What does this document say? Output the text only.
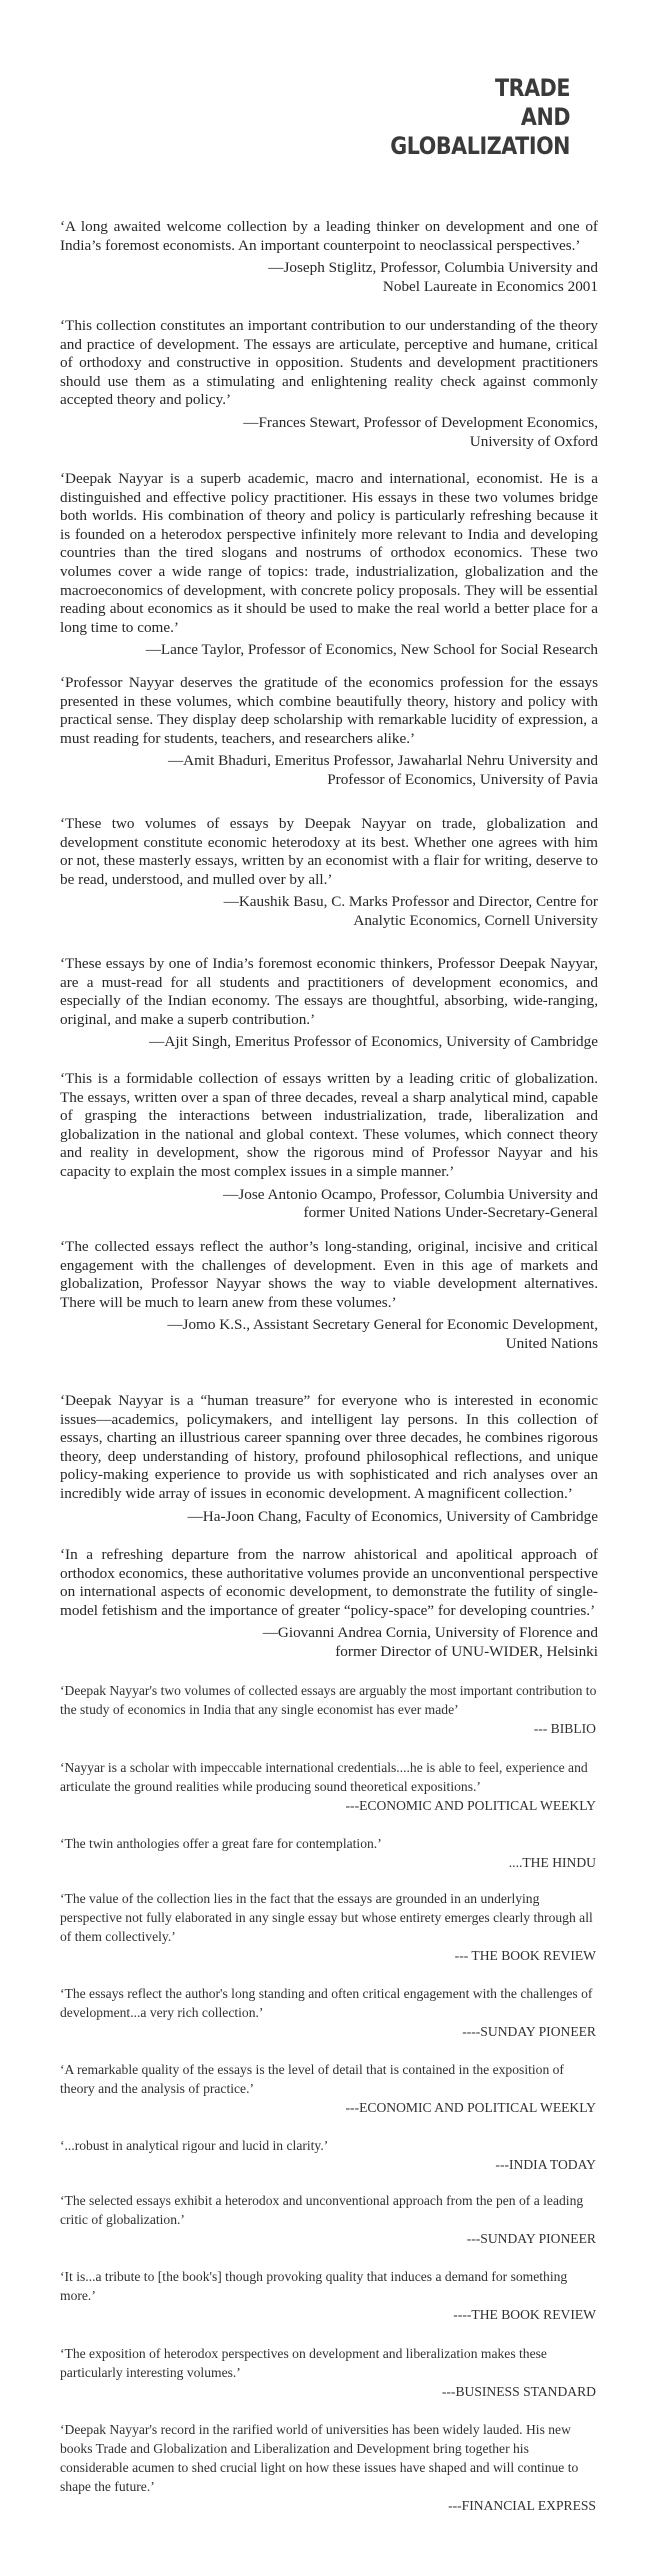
TRADE
AND
GLOBALIZATION

‘A long awaited welcome collection by a leading thinker on development and one of India’s foremost economists. An important counterpoint to neoclassical perspectives.’

—Joseph Stiglitz, Professor, Columbia University and
Nobel Laureate in Economics 2001

‘This collection constitutes an important contribution to our understanding of the theory and practice of development. The essays are articulate, perceptive and humane, critical of orthodoxy and constructive in opposition. Students and development practitioners should use them as a stimulating and enlightening reality check against commonly accepted theory and policy.’

—Frances Stewart, Professor of Development Economics,
University of Oxford

‘Deepak Nayyar is a superb academic, macro and international, economist. He is a distinguished and effective policy practitioner. His essays in these two volumes bridge both worlds. His combination of theory and policy is particularly refreshing because it is founded on a heterodox perspective infinitely more relevant to India and developing countries than the tired slogans and nostrums of orthodox economics. These two volumes cover a wide range of topics: trade, industrialization, globalization and the macroeconomics of development, with concrete policy proposals. They will be essential reading about economics as it should be used to make the real world a better place for a long time to come.’

—Lance Taylor, Professor of Economics, New School for Social Research

‘Professor Nayyar deserves the gratitude of the economics profession for the essays presented in these volumes, which combine beautifully theory, history and policy with practical sense. They display deep scholarship with remarkable lucidity of expression, a must reading for students, teachers, and researchers alike.’

—Amit Bhaduri, Emeritus Professor, Jawaharlal Nehru University and
Professor of Economics, University of Pavia

‘These two volumes of essays by Deepak Nayyar on trade, globalization and development constitute economic heterodoxy at its best. Whether one agrees with him or not, these masterly essays, written by an economist with a flair for writing, deserve to be read, understood, and mulled over by all.’

—Kaushik Basu, C. Marks Professor and Director, Centre for
Analytic Economics, Cornell University

‘These essays by one of India’s foremost economic thinkers, Professor Deepak Nayyar, are a must-read for all students and practitioners of development economics, and especially of the Indian economy. The essays are thoughtful, absorbing, wide-ranging, original, and make a superb contribution.’

—Ajit Singh, Emeritus Professor of Economics, University of Cambridge

‘This is a formidable collection of essays written by a leading critic of globalization. The essays, written over a span of three decades, reveal a sharp analytical mind, capable of grasping the interactions between industrialization, trade, liberalization and globalization in the national and global context. These volumes, which connect theory and reality in development, show the rigorous mind of Professor Nayyar and his capacity to explain the most complex issues in a simple manner.’

—Jose Antonio Ocampo, Professor, Columbia University and
former United Nations Under-Secretary-General

‘The collected essays reflect the author’s long-standing, original, incisive and critical engagement with the challenges of development. Even in this age of markets and globalization, Professor Nayyar shows the way to viable development alternatives. There will be much to learn anew from these volumes.’

—Jomo K.S., Assistant Secretary General for Economic Development,
United Nations

‘Deepak Nayyar is a “human treasure” for everyone who is interested in economic issues—academics, policymakers, and intelligent lay persons. In this collection of essays, charting an illustrious career spanning over three decades, he combines rigorous theory, deep understanding of history, profound philosophical reflections, and unique policy-making experience to provide us with sophisticated and rich analyses over an incredibly wide array of issues in economic development. A magnificent collection.’

—Ha-Joon Chang, Faculty of Economics, University of Cambridge

‘In a refreshing departure from the narrow ahistorical and apolitical approach of orthodox economics, these authoritative volumes provide an unconventional perspective on international aspects of economic development, to demonstrate the futility of single-model fetishism and the importance of greater “policy-space” for developing countries.’

—Giovanni Andrea Cornia, University of Florence and
former Director of UNU-WIDER, Helsinki

‘Deepak Nayyar's two volumes of collected essays are arguably the most important contribution to the study of economics in India that any single economist has ever made’

--- BIBLIO

‘Nayyar is a scholar with impeccable international credentials....he is able to feel, experience and articulate the ground realities while producing sound theoretical expositions.’

---ECONOMIC AND POLITICAL WEEKLY

‘The twin anthologies offer a great fare for contemplation.’

....THE HINDU

‘The value of the collection lies in the fact that the essays are grounded in an underlying perspective not fully elaborated in any single essay but whose entirety emerges clearly through all of them collectively.’

--- THE BOOK REVIEW

‘The essays reflect the author's long standing and often critical engagement with the challenges of development...a very rich collection.’

----SUNDAY PIONEER

‘A remarkable quality of the essays is the level of detail that is contained in the exposition of theory and the analysis of practice.’

---ECONOMIC AND POLITICAL WEEKLY

‘...robust in analytical rigour and lucid in clarity.’

---INDIA TODAY

‘The selected essays exhibit a heterodox and unconventional approach from the pen of a leading critic of globalization.’

---SUNDAY PIONEER

‘It is...a tribute to [the book's] though provoking quality that induces a demand for something more.’

----THE BOOK REVIEW

‘The exposition of heterodox perspectives on development and liberalization makes these particularly interesting volumes.’

---BUSINESS STANDARD

‘Deepak Nayyar's record in the rarified world of universities has been widely lauded. His new books Trade and Globalization and Liberalization and Development bring together his considerable acumen to shed crucial light on how these issues have shaped and will continue to shape the future.’

---FINANCIAL EXPRESS
